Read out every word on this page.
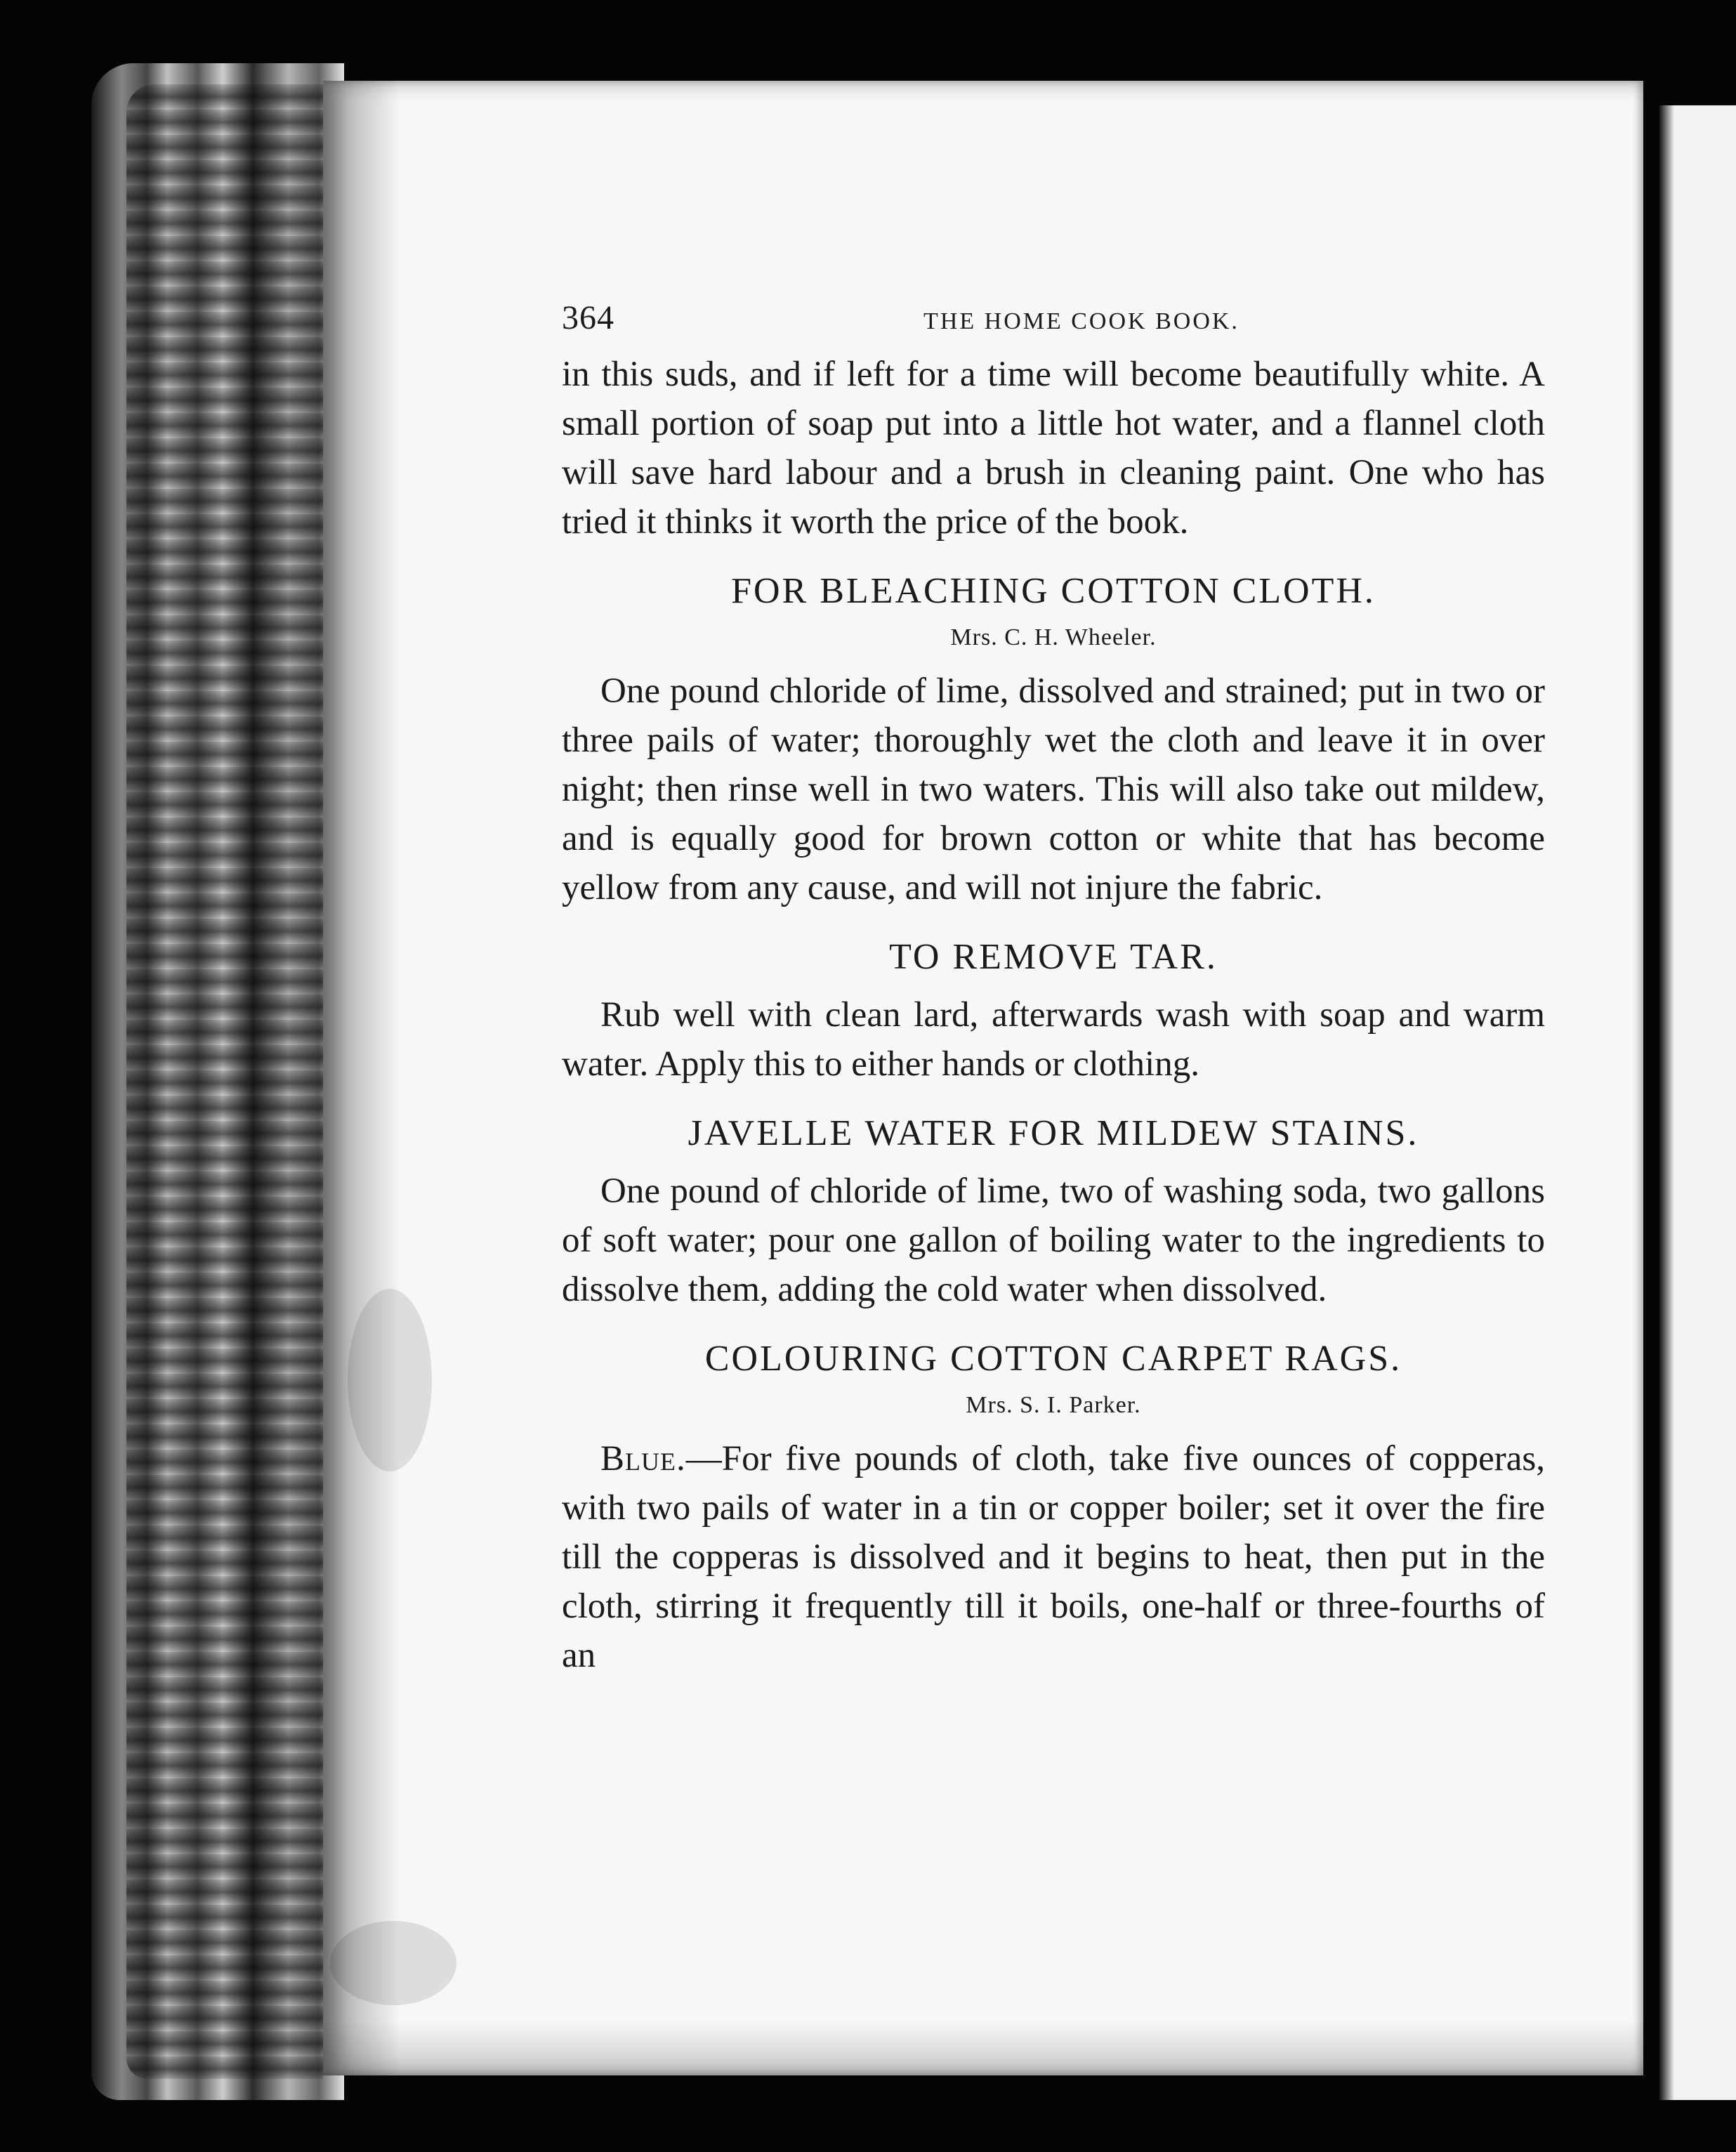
364	THE HOME COOK BOOK.

in this suds, and if left for a time will become beautifully white. A small portion of soap put into a little hot water, and a flannel cloth will save hard labour and a brush in cleaning paint. One who has tried it thinks it worth the price of the book.

FOR BLEACHING COTTON CLOTH.
Mrs. C. H. Wheeler.

One pound chloride of lime, dissolved and strained; put in two or three pails of water; thoroughly wet the cloth and leave it in over night; then rinse well in two waters. This will also take out mildew, and is equally good for brown cotton or white that has become yellow from any cause, and will not injure the fabric.

TO REMOVE TAR.

Rub well with clean lard, afterwards wash with soap and warm water. Apply this to either hands or clothing.

JAVELLE WATER FOR MILDEW STAINS.

One pound of chloride of lime, two of washing soda, two gallons of soft water; pour one gallon of boiling water to the ingredients to dissolve them, adding the cold water when dissolved.

COLOURING COTTON CARPET RAGS.
Mrs. S. I. Parker.

Blue.—For five pounds of cloth, take five ounces of copperas, with two pails of water in a tin or copper boiler; set it over the fire till the copperas is dissolved and it begins to heat, then put in the cloth, stirring it frequently till it boils, one-half or three-fourths of an
